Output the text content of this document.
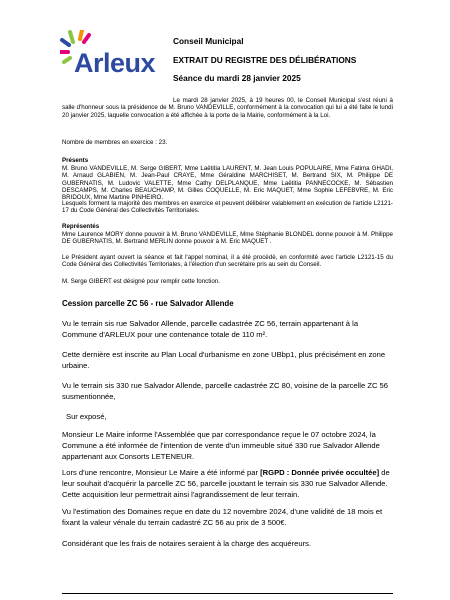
Arleux
Conseil Municipal
EXTRAIT DU REGISTRE DES DÉLIBÉRATIONS
Séance du mardi 28 janvier 2025
Le mardi 28 janvier 2025, à 19 heures 00, le Conseil Municipal s'est réuni à salle d'honneur sous la présidence de M. Bruno VANDEVILLE, conformément à la convocation qui lui a été faite le lundi 20 janvier 2025, laquelle convocation a été affichée à la porte de la Mairie, conformément à la Loi.
Nombre de membres en exercice : 23.
Présents
M. Bruno VANDEVILLE, M. Serge GIBERT, Mme Laëtitia LAURENT, M. Jean Louis POPULAIRE, Mme Fatima GHADI, M. Arnaud GLABIEN, M. Jean-Paul CRAYE, Mme Géraldine MARCHISET, M. Bertrand SIX, M. Philippe DE GUBERNATIS, M. Ludovic VALETTE, Mme Cathy DELPLANQUE, Mme Laëtitia PANNECOCKE, M. Sébastien DESCAMPS, M. Charles BEAUCHAMP, M. Gilles COQUELLE, M. Eric MAQUET, Mme Sophie LEFEBVRE, M. Eric BRIDOUX, Mme Martine PINHEIRO.
Lesquels forment la majorité des membres en exercice et peuvent délibérer valablement en exécution de l'article L2121-17 du Code Général des Collectivités Territoriales.
Représentés
Mme Laurence MORY donne pouvoir à M. Bruno VANDEVILLE, Mme Stéphanie BLONDEL donne pouvoir à M. Philippe DE GUBERNATIS, M. Bertrand MERLIN donne pouvoir à M. Eric MAQUET .
Le Président ayant ouvert la séance et fait l'appel nominal, il a été procédé, en conformité avec l'article L2121-15 du Code Général des Collectivités Territoriales, à l'élection d'un secrétaire pris au sein du Conseil.
M. Serge GIBERT est désigné pour remplir cette fonction.
Cession parcelle ZC 56 - rue Salvador Allende
Vu le terrain sis rue Salvador Allende, parcelle cadastrée ZC 56, terrain appartenant à la Commune d'ARLEUX pour une contenance totale de 110 m².
Cette dernière est inscrite au Plan Local d'urbanisme en zone UBbp1, plus précisément en zone urbaine.
Vu le terrain sis 330 rue Salvador Allende, parcelle cadastrée ZC 80, voisine de la parcelle ZC 56 susmentionnée,
Sur exposé,
Monsieur Le Maire informe l'Assemblée que par correspondance reçue le 07 octobre 2024, la Commune a été informée de l'intention de vente d'un immeuble situé 330 rue Salvador Allende appartenant aux Consorts LETENEUR.
Lors d'une rencontre, Monsieur Le Maire a été informé par [RGPD : Donnée privée occultée] de leur souhait d'acquérir la parcelle ZC 56, parcelle jouxtant le terrain sis 330 rue Salvador Allende. Cette acquisition leur permettrait ainsi l'agrandissement de leur terrain.
Vu l'estimation des Domaines reçue en date du 12 novembre 2024, d'une validité de 18 mois et fixant la valeur vénale du terrain cadastré ZC 56 au prix de 3 500€.
Considérant que les frais de notaires seraient à la charge des acquéreurs.
